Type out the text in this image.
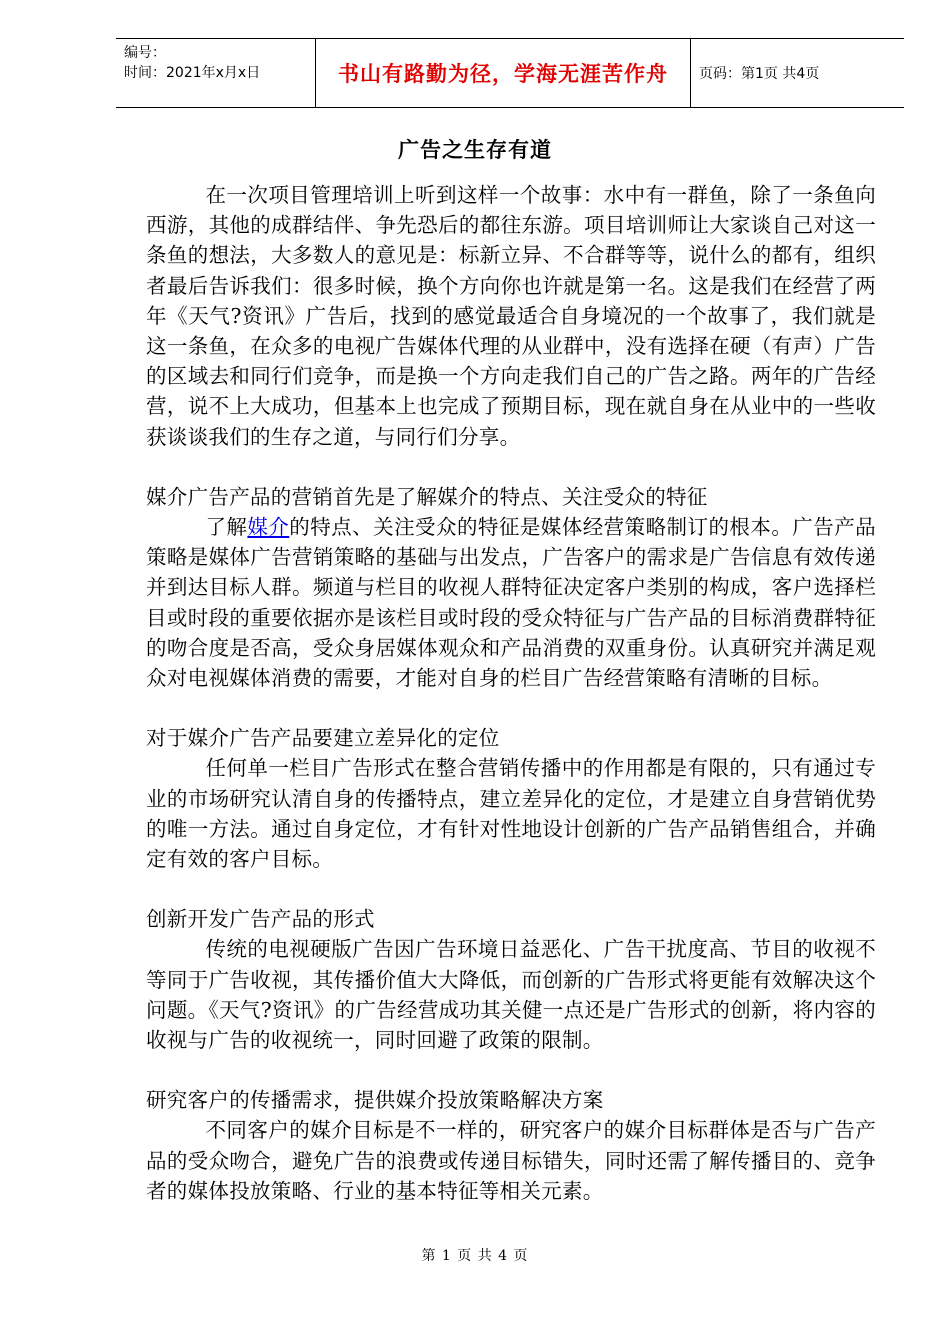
编号：
时间：2021年x月x日	书山有路勤为径，学海无涯苦作舟	页码：第1页 共4页
广告之生存有道

在一次项目管理培训上听到这样一个故事：水中有一群鱼，除了一条鱼向西游，其他的成群结伴、争先恐后的都往东游。项目培训师让大家谈自己对这一条鱼的想法，大多数人的意见是：标新立异、不合群等等，说什么的都有，组织者最后告诉我们：很多时候，换个方向你也许就是第一名。这是我们在经营了两年《天气?资讯》广告后，找到的感觉最适合自身境况的一个故事了，我们就是这一条鱼，在众多的电视广告媒体代理的从业群中，没有选择在硬（有声）广告的区域去和同行们竞争，而是换一个方向走我们自己的广告之路。两年的广告经营，说不上大成功，但基本上也完成了预期目标，现在就自身在从业中的一些收获谈谈我们的生存之道，与同行们分享。

媒介广告产品的营销首先是了解媒介的特点、关注受众的特征

了解媒介的特点、关注受众的特征是媒体经营策略制订的根本。广告产品策略是媒体广告营销策略的基础与出发点，广告客户的需求是广告信息有效传递并到达目标人群。频道与栏目的收视人群特征决定客户类别的构成，客户选择栏目或时段的重要依据亦是该栏目或时段的受众特征与广告产品的目标消费群特征的吻合度是否高，受众身居媒体观众和产品消费的双重身份。认真研究并满足观众对电视媒体消费的需要，才能对自身的栏目广告经营策略有清晰的目标。

对于媒介广告产品要建立差异化的定位

任何单一栏目广告形式在整合营销传播中的作用都是有限的，只有通过专业的市场研究认清自身的传播特点，建立差异化的定位，才是建立自身营销优势的唯一方法。通过自身定位，才有针对性地设计创新的广告产品销售组合，并确定有效的客户目标。

创新开发广告产品的形式

传统的电视硬版广告因广告环境日益恶化、广告干扰度高、节目的收视不等同于广告收视，其传播价值大大降低，而创新的广告形式将更能有效解决这个问题。《天气?资讯》的广告经营成功其关健一点还是广告形式的创新，将内容的收视与广告的收视统一，同时回避了政策的限制。

研究客户的传播需求，提供媒介投放策略解决方案

不同客户的媒介目标是不一样的，研究客户的媒介目标群体是否与广告产品的受众吻合，避免广告的浪费或传递目标错失，同时还需了解传播目的、竞争者的媒体投放策略、行业的基本特征等相关元素。

第 1 页 共 4 页
